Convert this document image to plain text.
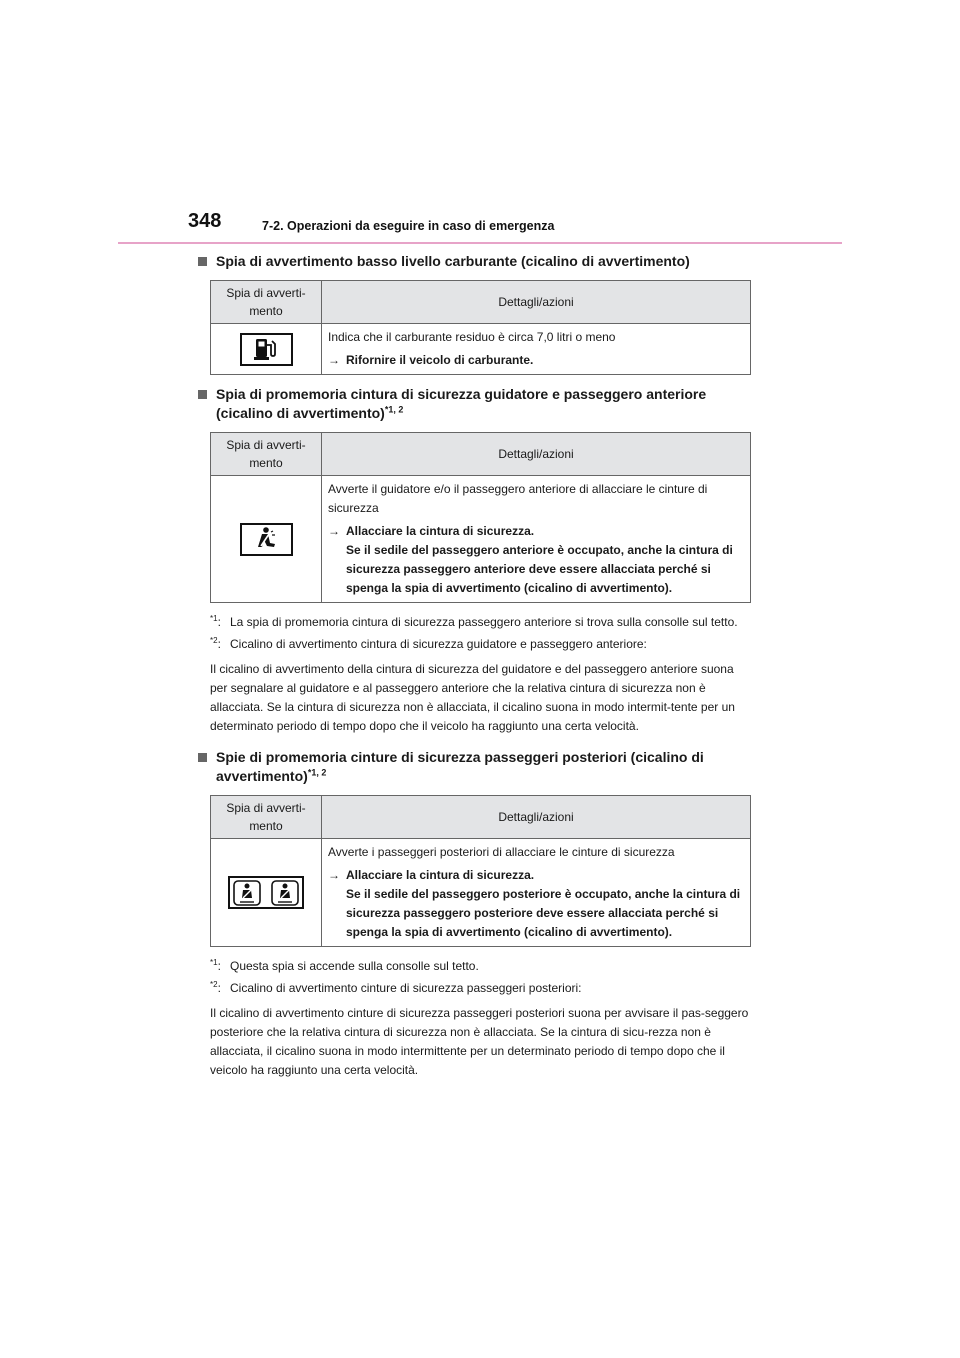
348	7-2. Operazioni da eseguire in caso di emergenza
Spia di avvertimento basso livello carburante (cicalino di avvertimento)
Spia di avverti-mento	Dettagli/azioni

Indica che il carburante residuo è circa 7,0 litri o meno
→ Rifornire il veicolo di carburante.
Spia di promemoria cintura di sicurezza guidatore e passeggero anteriore (cicalino di avvertimento)$^{*1, 2}$
Spia di avverti-mento	Dettagli/azioni

Avverte il guidatore e/o il passeggero anteriore di allacciare le cinture di sicurezza
→ Allacciare la cintura di sicurezza.
Se il sedile del passeggero anteriore è occupato, anche la cintura di sicurezza passeggero anteriore deve essere allacciata perché si spenga la spia di avvertimento (cicalino di avvertimento).
$^{*1}$: La spia di promemoria cintura di sicurezza passeggero anteriore si trova sulla consolle sul tetto.
$^{*2}$: Cicalino di avvertimento cintura di sicurezza guidatore e passeggero anteriore:
Il cicalino di avvertimento della cintura di sicurezza del guidatore e del passeggero anteriore suona per segnalare al guidatore e al passeggero anteriore che la relativa cintura di sicurezza non è allacciata. Se la cintura di sicurezza non è allacciata, il cicalino suona in modo intermit-tente per un determinato periodo di tempo dopo che il veicolo ha raggiunto una certa velocità.
Spie di promemoria cinture di sicurezza passeggeri posteriori (cicalino di avvertimento)$^{*1, 2}$
Spia di avverti-mento	Dettagli/azioni

Avverte i passeggeri posteriori di allacciare le cinture di sicurezza
→ Allacciare la cintura di sicurezza.
Se il sedile del passeggero posteriore è occupato, anche la cintura di sicurezza passeggero posteriore deve essere allacciata perché si spenga la spia di avvertimento (cicalino di avvertimento).
$^{*1}$: Questa spia si accende sulla consolle sul tetto.
$^{*2}$: Cicalino di avvertimento cinture di sicurezza passeggeri posteriori:
Il cicalino di avvertimento cinture di sicurezza passeggeri posteriori suona per avvisare il pas-seggero posteriore che la relativa cintura di sicurezza non è allacciata. Se la cintura di sicu-rezza non è allacciata, il cicalino suona in modo intermittente per un determinato periodo di tempo dopo che il veicolo ha raggiunto una certa velocità.
